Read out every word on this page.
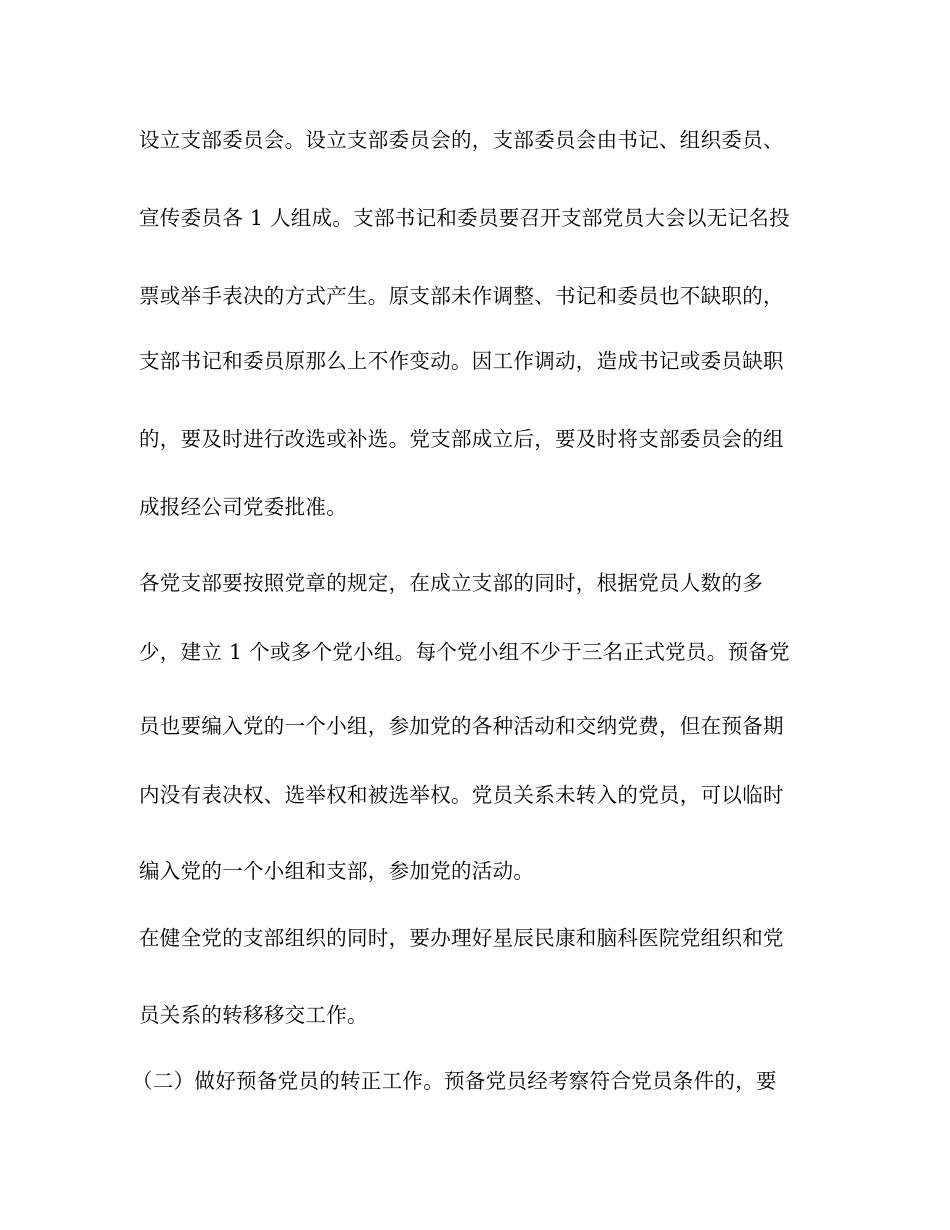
设立支部委员会。设立支部委员会的，支部委员会由书记、组织委员、
宣传委员各 1 人组成。支部书记和委员要召开支部党员大会以无记名投
票或举手表决的方式产生。原支部未作调整、书记和委员也不缺职的，
支部书记和委员原那么上不作变动。因工作调动，造成书记或委员缺职
的，要及时进行改选或补选。党支部成立后，要及时将支部委员会的组
成报经公司党委批准。
各党支部要按照党章的规定，在成立支部的同时，根据党员人数的多
少，建立 1 个或多个党小组。每个党小组不少于三名正式党员。预备党
员也要编入党的一个小组，参加党的各种活动和交纳党费，但在预备期
内没有表决权、选举权和被选举权。党员关系未转入的党员，可以临时
编入党的一个小组和支部，参加党的活动。
在健全党的支部组织的同时，要办理好星辰民康和脑科医院党组织和党
员关系的转移移交工作。
（二）做好预备党员的转正工作。预备党员经考察符合党员条件的，要
